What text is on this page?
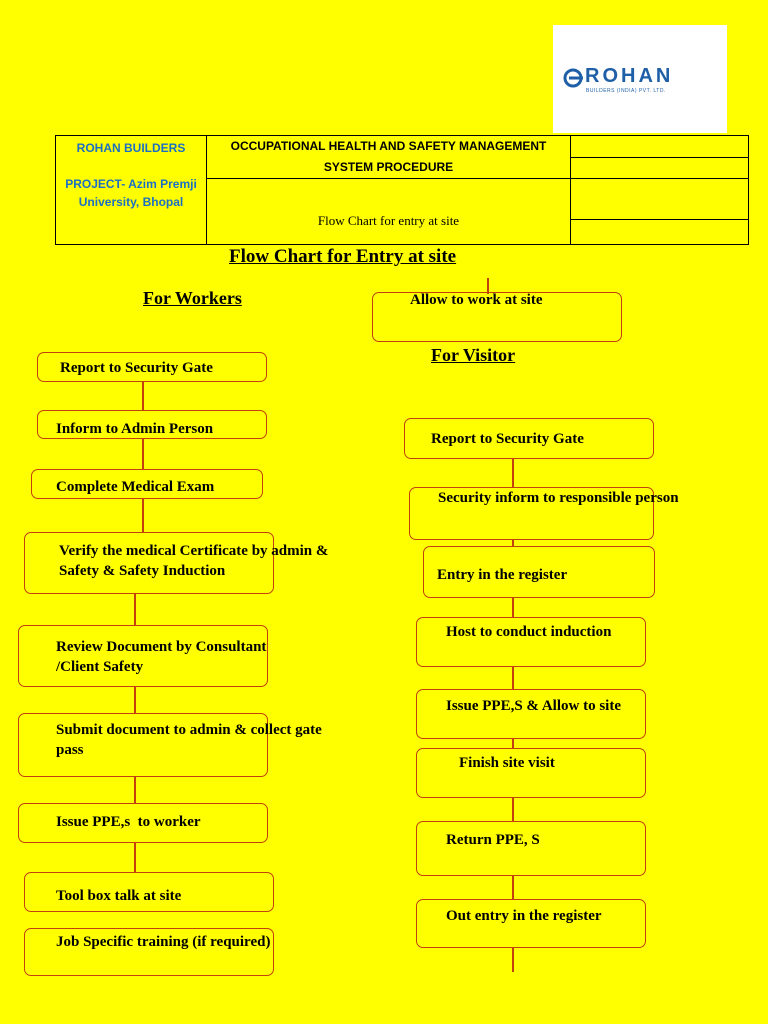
ROHAN
BUILDERS (INDIA) PVT. LTD.
ROHAN BUILDERS
PROJECT- Azim Premji University, Bhopal	OCCUPATIONAL HEALTH AND SAFETY MANAGEMENT
SYSTEM PROCEDURE	

	Flow Chart for entry at site	

Flow Chart for Entry at site
For Workers
For Visitor
Allow to work at site
Report to Security Gate
Inform to Admin Person
Complete Medical Exam
Verify the medical Certificate by admin & Safety & Safety Induction
Review Document by Consultant /Client Safety
Submit document to admin & collect gate pass
Issue PPE,s  to worker
Tool box talk at site
Job Specific training (if required)
Report to Security Gate
Security inform to responsible person
Entry in the register
Host to conduct induction
Issue PPE,S & Allow to site
Finish site visit
Return PPE, S
Out entry in the register
